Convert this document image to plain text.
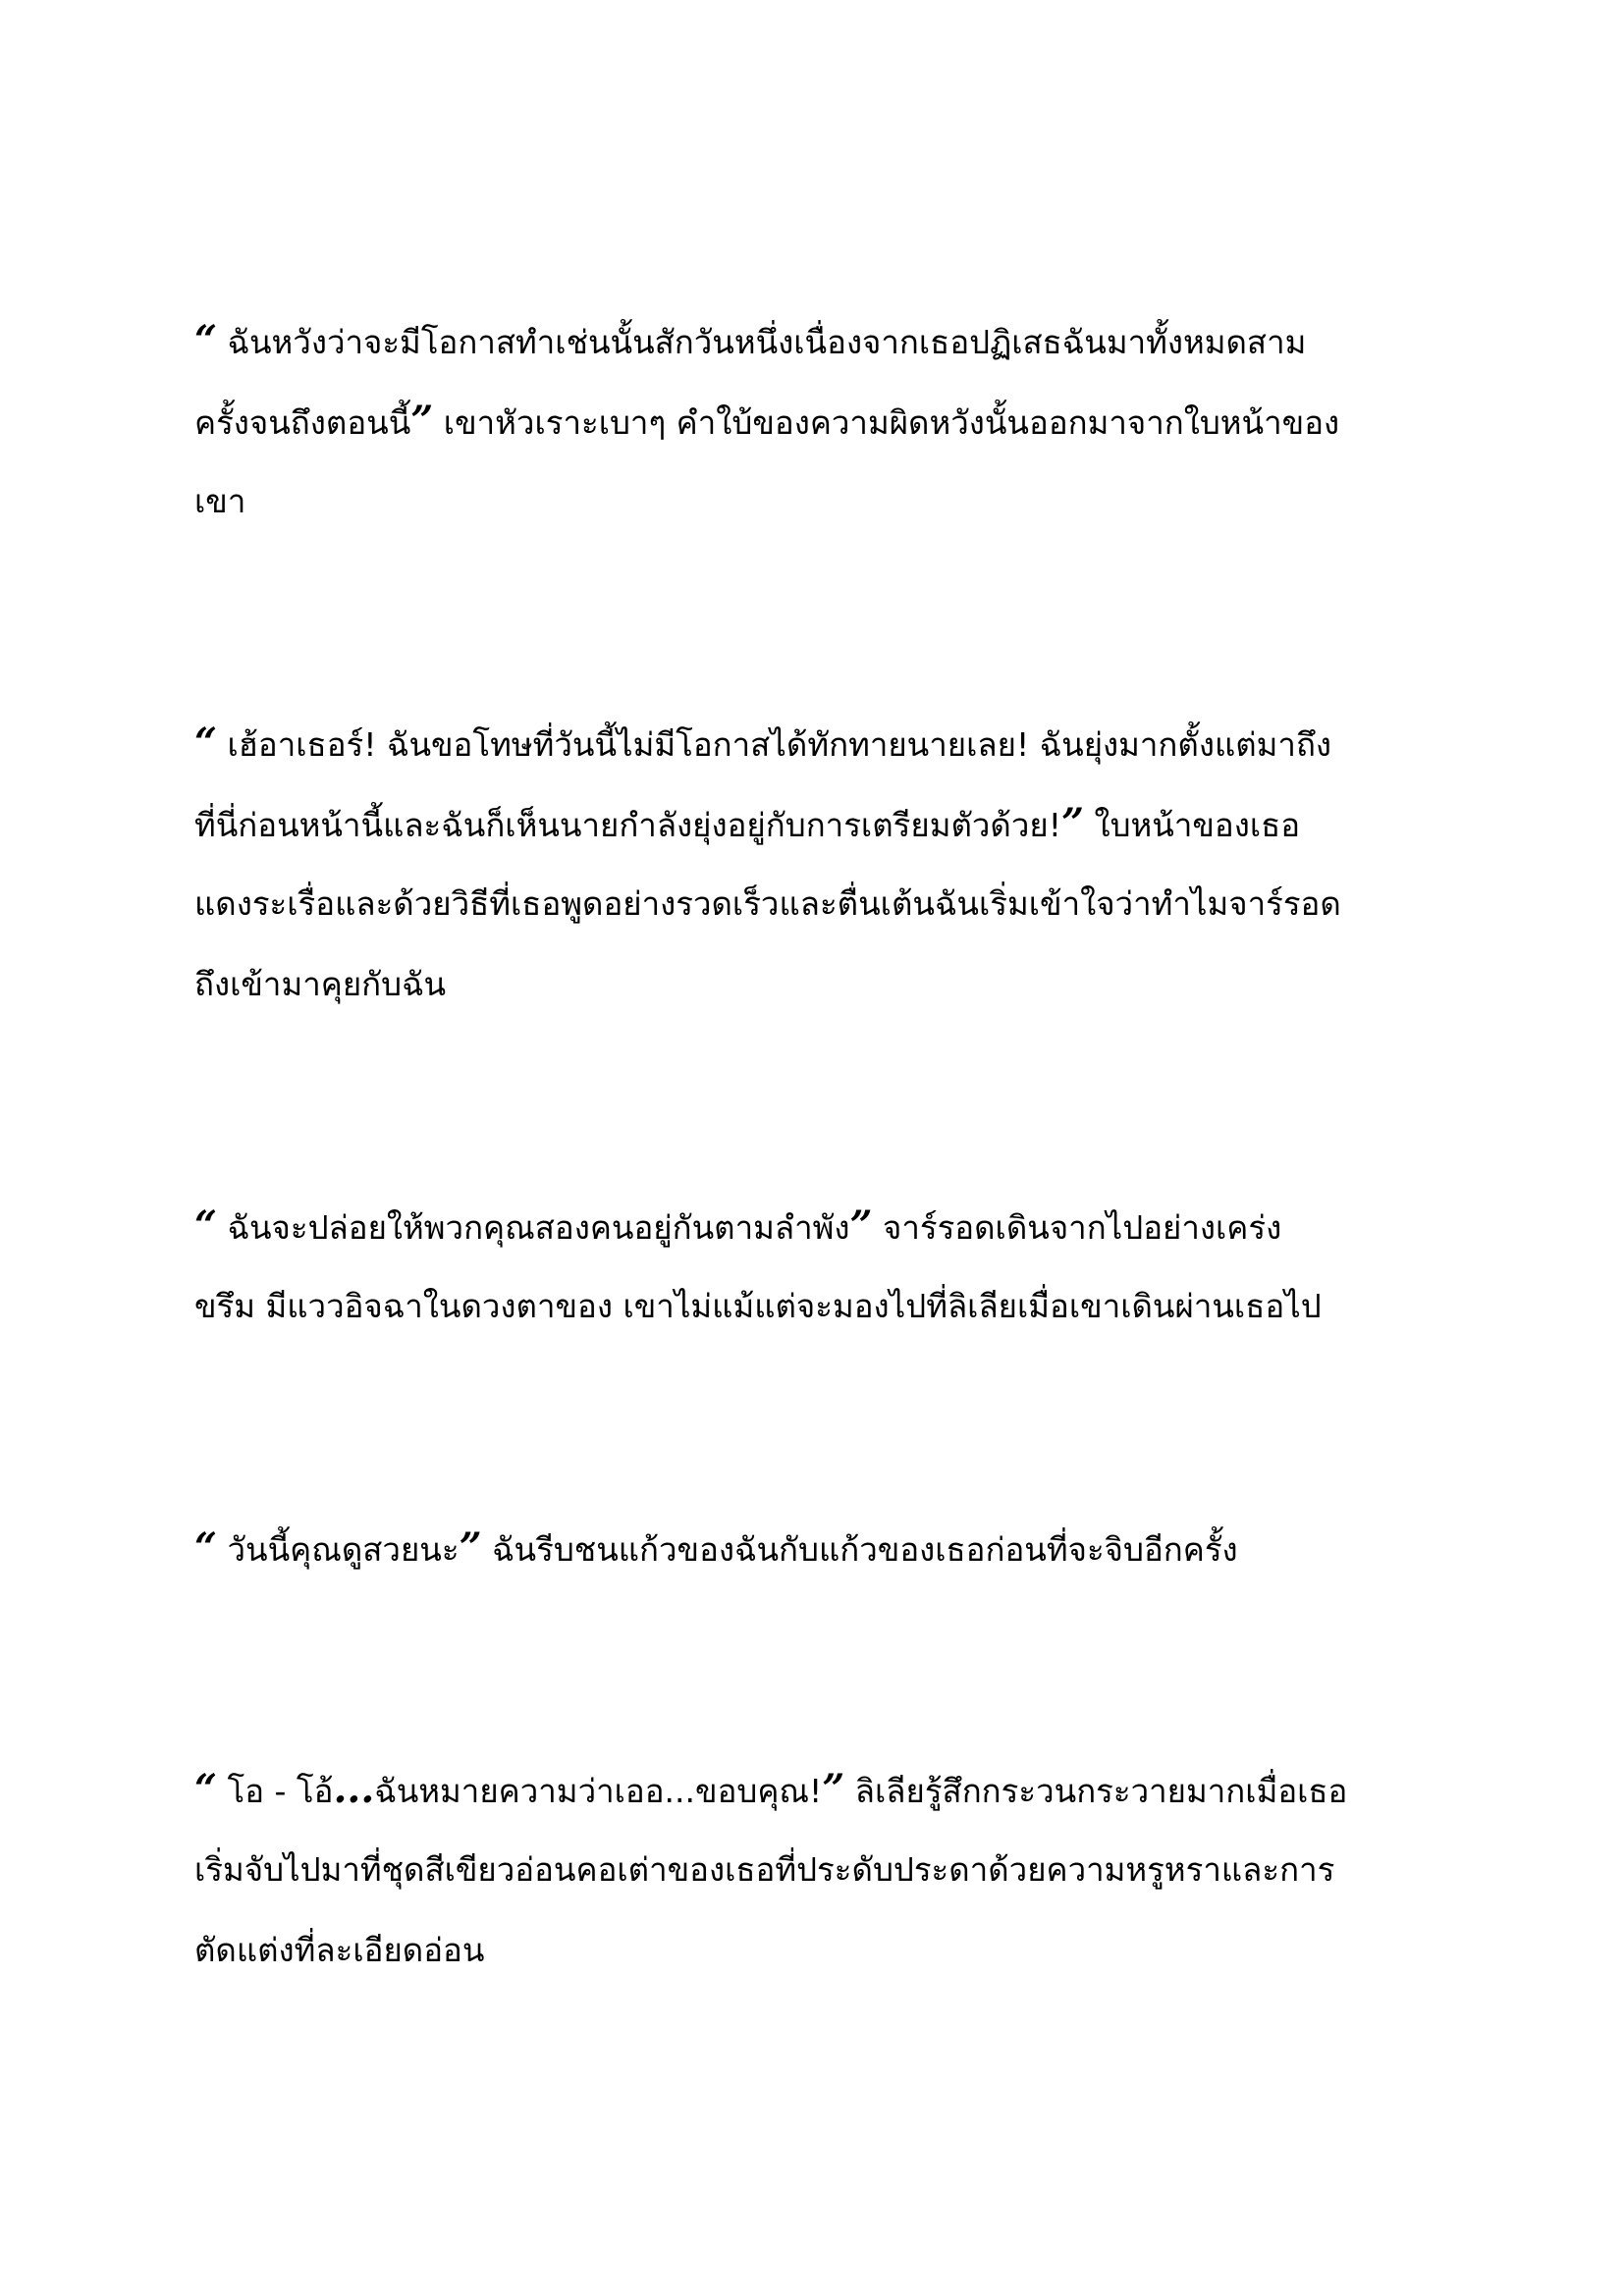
“ ฉันหวังว่าจะมีโอกาสทำเช่นนั้นสักวันหนึ่งเนื่องจากเธอปฏิเสธฉันมาทั้งหมดสาม
ครั้งจนถึงตอนนี้” เขาหัวเราะเบาๆ คำใบ้ของความผิดหวังนั้นออกมาจากใบหน้าของ
เขา
“ เฮ้อาเธอร์! ฉันขอโทษที่วันนี้ไม่มีโอกาสได้ทักทายนายเลย! ฉันยุ่งมากตั้งแต่มาถึง
ที่นี่ก่อนหน้านี้และฉันก็เห็นนายกำลังยุ่งอยู่กับการเตรียมตัวด้วย!” ใบหน้าของเธอ
แดงระเรื่อและด้วยวิธีที่เธอพูดอย่างรวดเร็วและตื่นเต้นฉันเริ่มเข้าใจว่าทำไมจาร์รอด
ถึงเข้ามาคุยกับฉัน
“ ฉันจะปล่อยให้พวกคุณสองคนอยู่กันตามลำพัง” จาร์รอดเดินจากไปอย่างเคร่ง
ขรึม มีแววอิจฉาในดวงตาของ เขาไม่แม้แต่จะมองไปที่ลิเลียเมื่อเขาเดินผ่านเธอไป
“ วันนี้คุณดูสวยนะ” ฉันรีบชนแก้วของฉันกับแก้วของเธอก่อนที่จะจิบอีกครั้ง
“ โอ - โอ้...ฉันหมายความว่าเออ...ขอบคุณ!” ลิเลียรู้สึกกระวนกระวายมากเมื่อเธอ
เริ่มจับไปมาที่ชุดสีเขียวอ่อนคอเต่าของเธอที่ประดับประดาด้วยความหรูหราและการ
ตัดแต่งที่ละเอียดอ่อน
